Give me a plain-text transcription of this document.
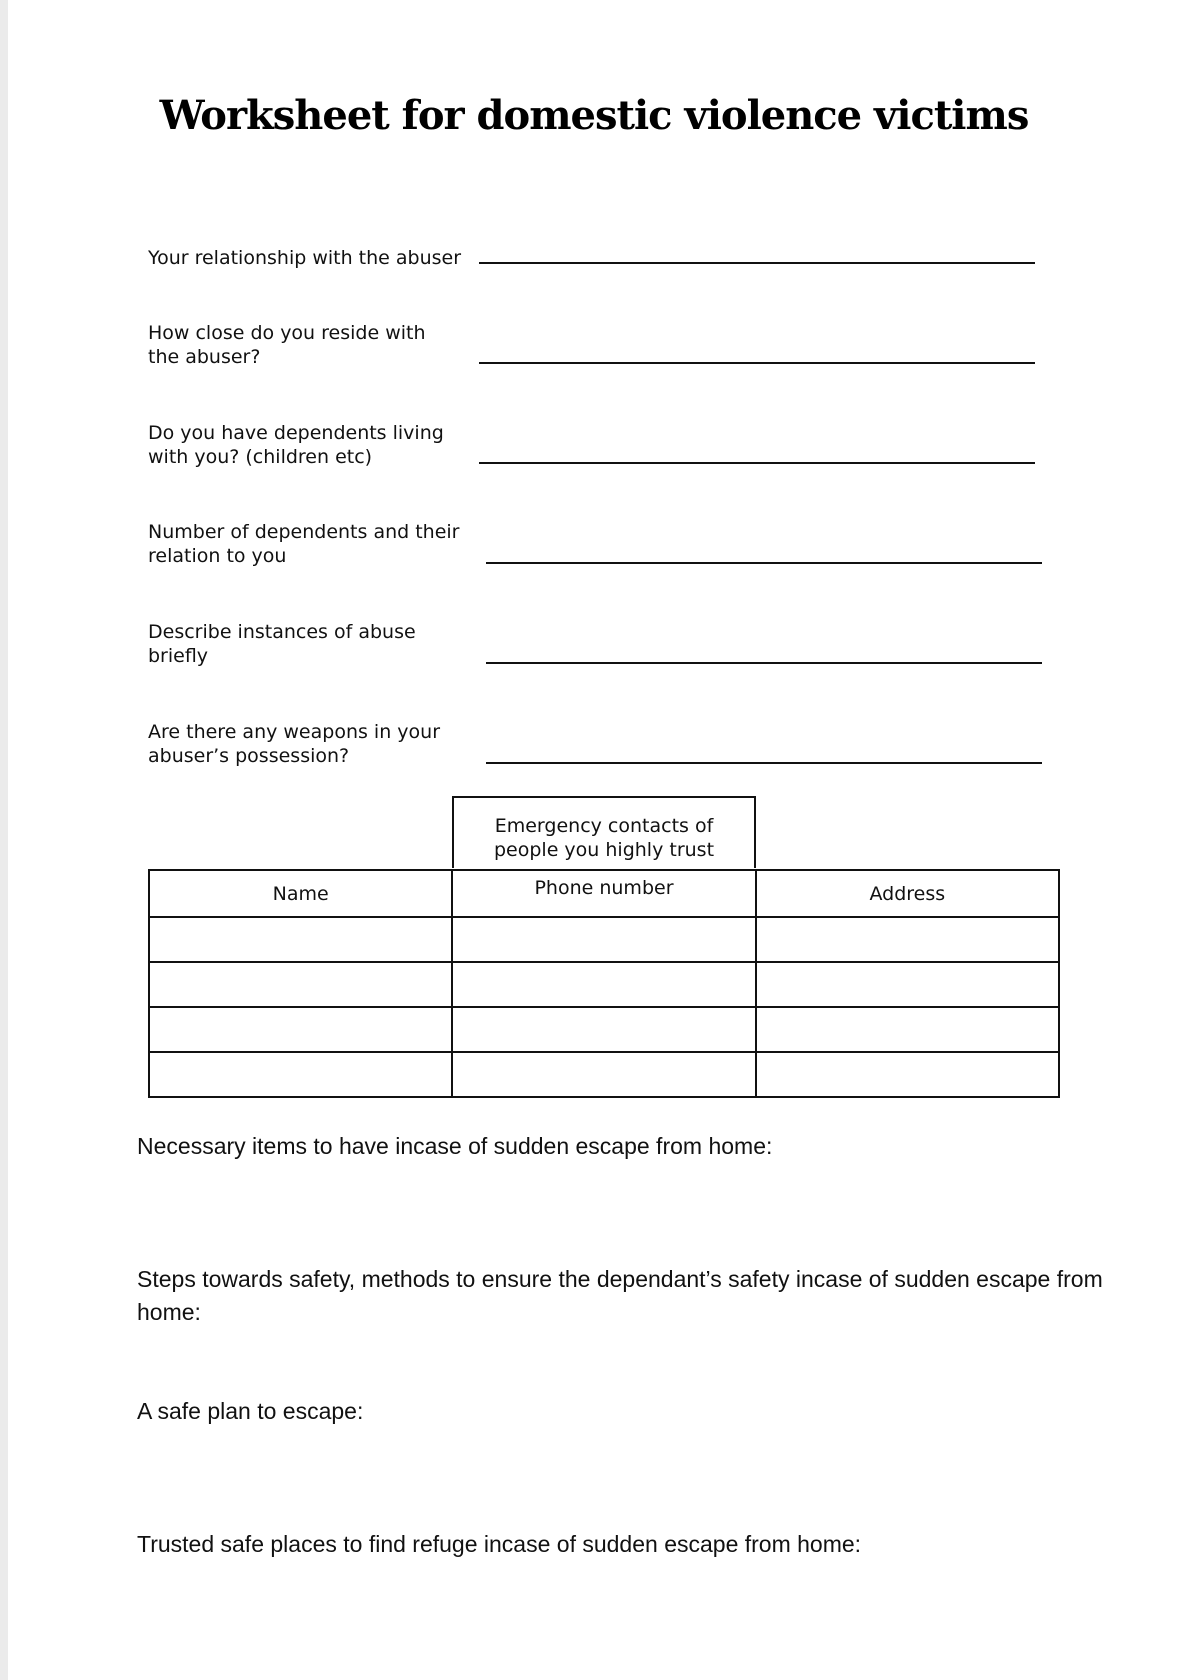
Worksheet for domestic violence victims
Your relationship with the abuser
How close do you reside with
the abuser?
Do you have dependents living
with you? (children etc)
Number of dependents and their
relation to you
Describe instances of abuse
briefly
Are there any weapons in your
abuser’s possession?
Emergency contacts of
people you highly trust
Name	Phone number	Address

Necessary items to have incase of sudden escape from home:
Steps towards safety, methods to ensure the dependant’s safety incase of sudden escape from home:
A safe plan to escape:
Trusted safe places to find refuge incase of sudden escape from home:
